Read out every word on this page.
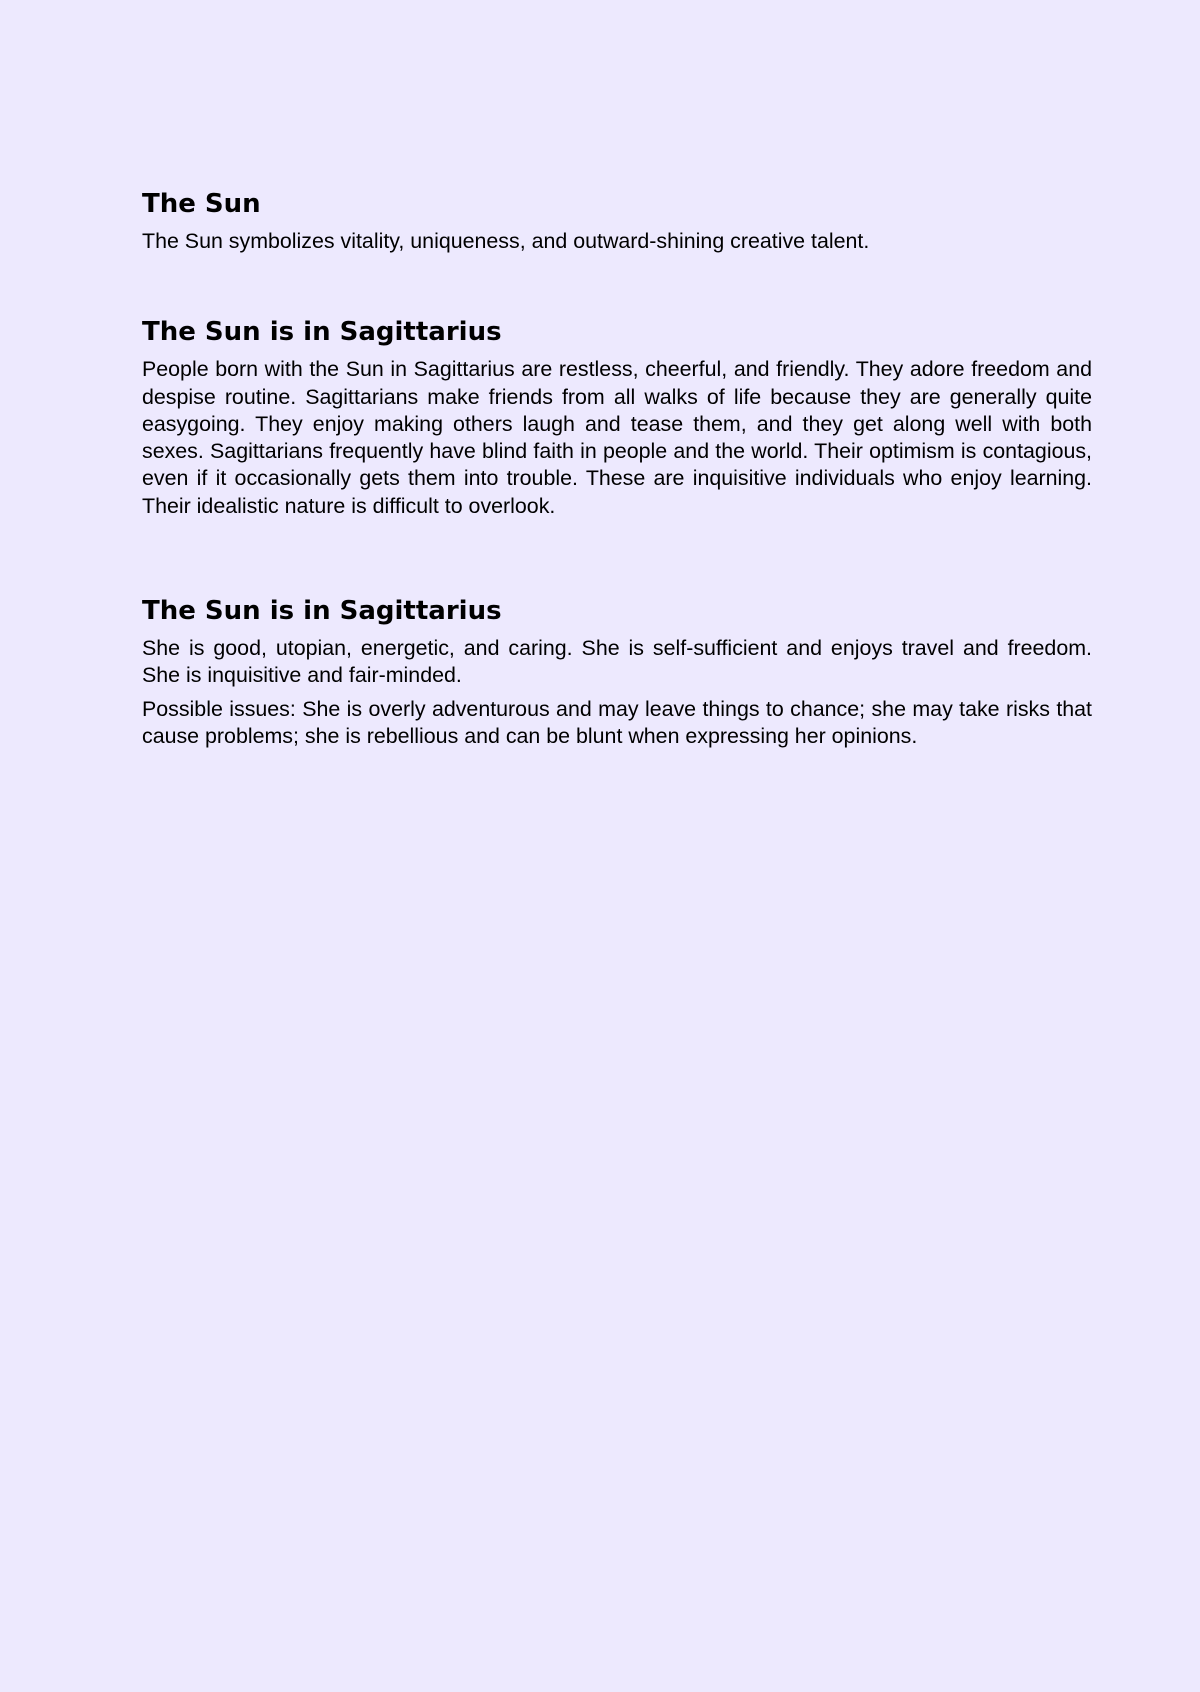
The Sun

The Sun symbolizes vitality, uniqueness, and outward-shining creative talent.

The Sun is in Sagittarius

People born with the Sun in Sagittarius are restless, cheerful, and friendly. They adore freedom and despise routine. Sagittarians make friends from all walks of life because they are generally quite easygoing. They enjoy making others laugh and tease them, and they get along well with both sexes. Sagittarians frequently have blind faith in people and the world. Their optimism is contagious, even if it occasionally gets them into trouble. These are inquisitive individuals who enjoy learning. Their idealistic nature is difficult to overlook.

The Sun is in Sagittarius

She is good, utopian, energetic, and caring. She is self-sufficient and enjoys travel and freedom. She is inquisitive and fair-minded.

Possible issues: She is overly adventurous and may leave things to chance; she may take risks that cause problems; she is rebellious and can be blunt when expressing her opinions.
